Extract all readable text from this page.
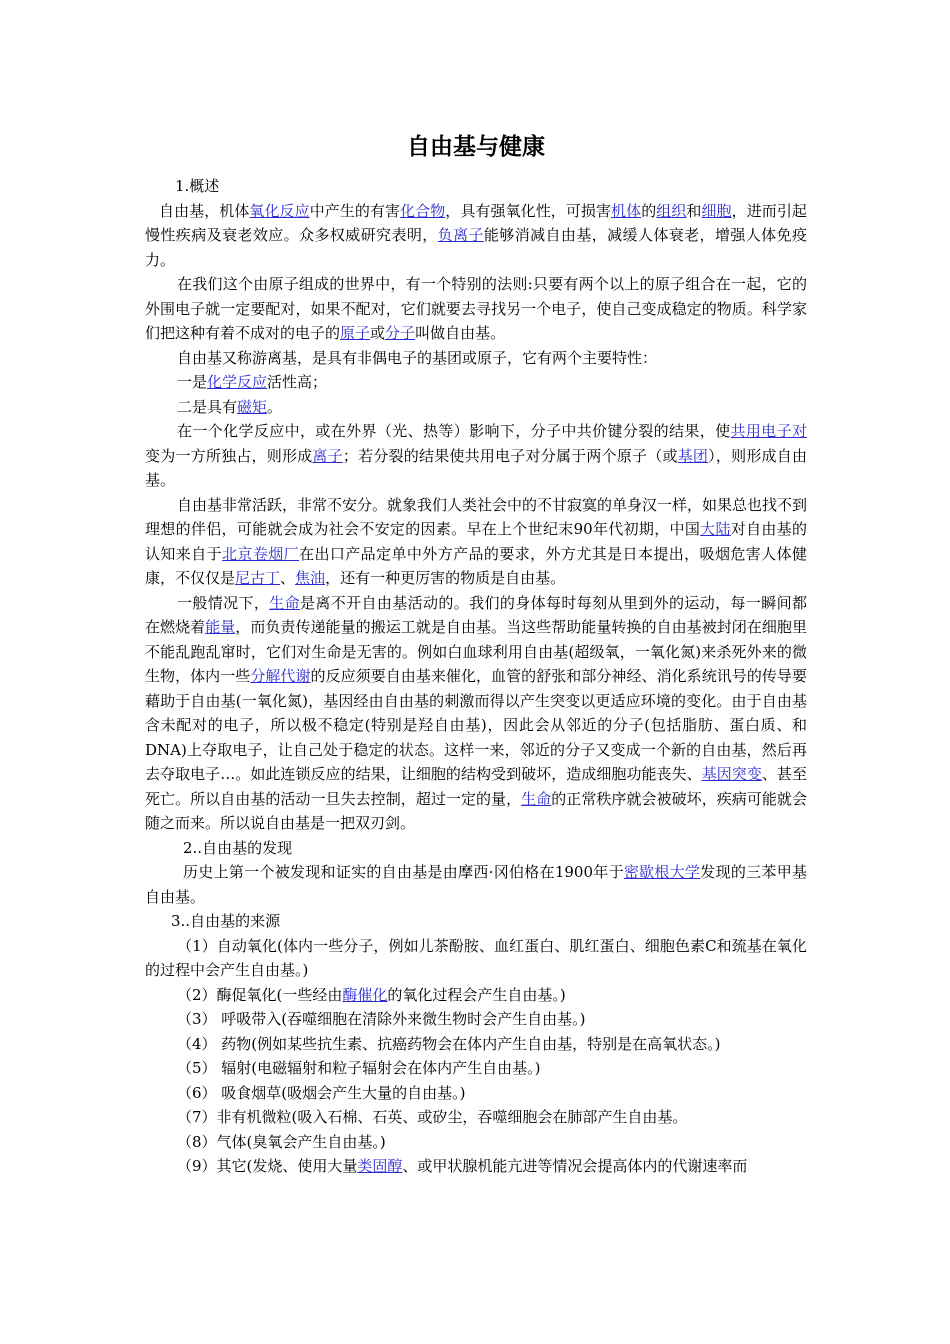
自由基与健康

1.概述

自由基，机体氧化反应中产生的有害化合物，具有强氧化性，可损害机体的组织和细胞，进而引起慢性疾病及衰老效应。众多权威研究表明，负离子能够消减自由基，减缓人体衰老，增强人体免疫力。

在我们这个由原子组成的世界中，有一个特别的法则:只要有两个以上的原子组合在一起，它的外围电子就一定要配对，如果不配对，它们就要去寻找另一个电子，使自己变成稳定的物质。科学家们把这种有着不成对的电子的原子或分子叫做自由基。

自由基又称游离基，是具有非偶电子的基团或原子，它有两个主要特性：

一是化学反应活性高；

二是具有磁矩。

在一个化学反应中，或在外界（光、热等）影响下，分子中共价键分裂的结果，使共用电子对变为一方所独占，则形成离子；若分裂的结果使共用电子对分属于两个原子（或基团），则形成自由基。

自由基非常活跃，非常不安分。就象我们人类社会中的不甘寂寞的单身汉一样，如果总也找不到理想的伴侣，可能就会成为社会不安定的因素。早在上个世纪末90年代初期，中国大陆对自由基的认知来自于北京卷烟厂在出口产品定单中外方产品的要求，外方尤其是日本提出，吸烟危害人体健康，不仅仅是尼古丁、焦油，还有一种更厉害的物质是自由基。

一般情况下，生命是离不开自由基活动的。我们的身体每时每刻从里到外的运动，每一瞬间都在燃烧着能量，而负责传递能量的搬运工就是自由基。当这些帮助能量转换的自由基被封闭在细胞里不能乱跑乱窜时，它们对生命是无害的。例如白血球利用自由基(超级氧，一氧化氮)来杀死外来的微生物，体内一些分解代谢的反应须要自由基来催化，血管的舒张和部分神经、消化系统讯号的传导要藉助于自由基(一氧化氮)，基因经由自由基的刺激而得以产生突变以更适应环境的变化。由于自由基含未配对的电子，所以极不稳定(特别是羟自由基)，因此会从邻近的分子(包括脂肪、蛋白质、和DNA)上夺取电子，让自己处于稳定的状态。这样一来，邻近的分子又变成一个新的自由基，然后再去夺取电子…。如此连锁反应的结果，让细胞的结构受到破坏，造成细胞功能丧失、基因突变、甚至死亡。所以自由基的活动一旦失去控制，超过一定的量，生命的正常秩序就会被破坏，疾病可能就会随之而来。所以说自由基是一把双刃剑。

2..自由基的发现

历史上第一个被发现和证实的自由基是由摩西·冈伯格在1900年于密歇根大学发现的三苯甲基自由基。

3..自由基的来源

（1）自动氧化(体内一些分子，例如儿茶酚胺、血红蛋白、肌红蛋白、细胞色素C和巯基在氧化的过程中会产生自由基。)

（2）酶促氧化(一些经由酶催化的氧化过程会产生自由基。)

（3） 呼吸带入(吞噬细胞在清除外来微生物时会产生自由基。)

（4） 药物(例如某些抗生素、抗癌药物会在体内产生自由基，特别是在高氧状态。)

（5） 辐射(电磁辐射和粒子辐射会在体内产生自由基。)

（6） 吸食烟草(吸烟会产生大量的自由基。)

（7）非有机微粒(吸入石棉、石英、或矽尘，吞噬细胞会在肺部产生自由基。

（8）气体(臭氧会产生自由基。)

（9）其它(发烧、使用大量类固醇、或甲状腺机能亢进等情况会提高体内的代谢速率而
